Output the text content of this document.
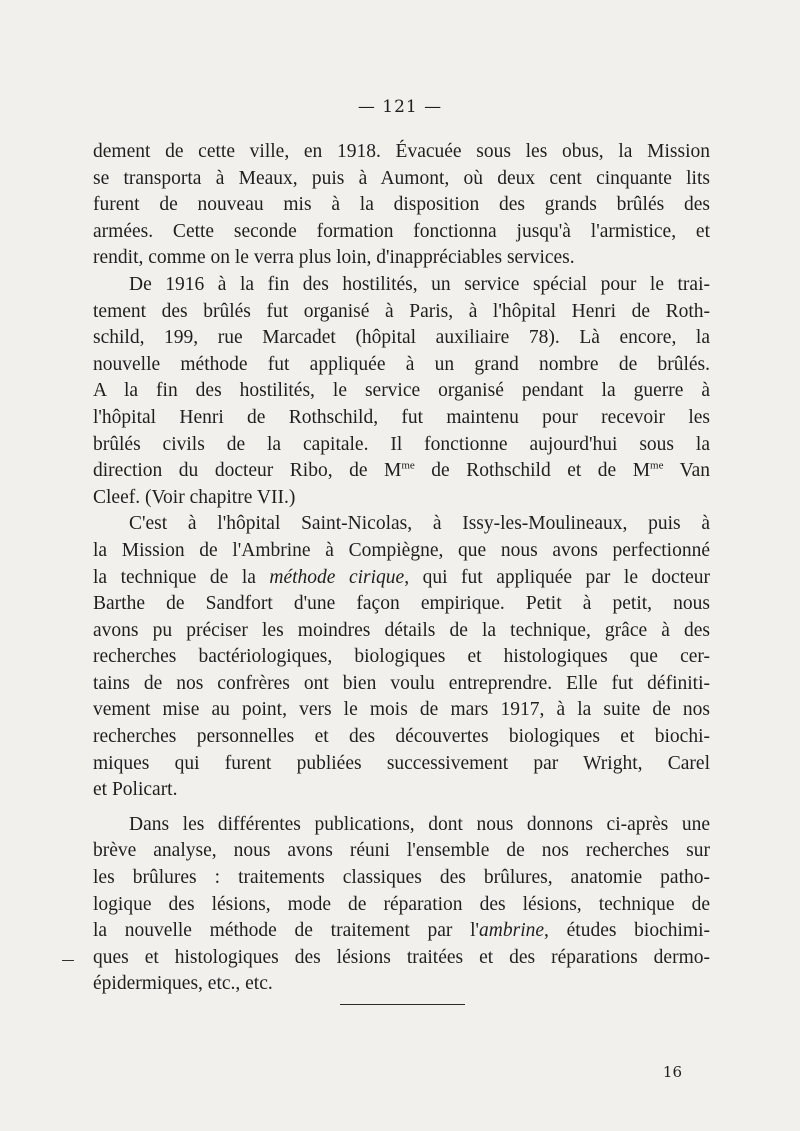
— 121 —

dement de cette ville, en 1918. Évacuée sous les obus, la Mission
se transporta à Meaux, puis à Aumont, où deux cent cinquante lits
furent de nouveau mis à la disposition des grands brûlés des
armées. Cette seconde formation fonctionna jusqu'à l'armistice, et
rendit, comme on le verra plus loin, d'inappréciables services.

De 1916 à la fin des hostilités, un service spécial pour le trai-
tement des brûlés fut organisé à Paris, à l'hôpital Henri de Roth-
schild, 199, rue Marcadet (hôpital auxiliaire 78). Là encore, la
nouvelle méthode fut appliquée à un grand nombre de brûlés.
A la fin des hostilités, le service organisé pendant la guerre à
l'hôpital Henri de Rothschild, fut maintenu pour recevoir les
brûlés civils de la capitale. Il fonctionne aujourd'hui sous la
direction du docteur Ribo, de $M^{me}$ de Rothschild et de $M^{me}$ Van
Cleef. (Voir chapitre VII.)

C'est à l'hôpital Saint-Nicolas, à Issy-les-Moulineaux, puis à
la Mission de l'Ambrine à Compiègne, que nous avons perfectionné
la technique de la méthode cirique, qui fut appliquée par le docteur
Barthe de Sandfort d'une façon empirique. Petit à petit, nous
avons pu préciser les moindres détails de la technique, grâce à des
recherches bactériologiques, biologiques et histologiques que cer-
tains de nos confrères ont bien voulu entreprendre. Elle fut définiti-
vement mise au point, vers le mois de mars 1917, à la suite de nos
recherches personnelles et des découvertes biologiques et biochi-
miques qui furent publiées successivement par Wright, Carel
et Policart.

Dans les différentes publications, dont nous donnons ci-après une
brève analyse, nous avons réuni l'ensemble de nos recherches sur
les brûlures : traitements classiques des brûlures, anatomie patho-
logique des lésions, mode de réparation des lésions, technique de
la nouvelle méthode de traitement par l'ambrine, études biochimi-
ques et histologiques des lésions traitées et des réparations dermo-
épidermiques, etc., etc.

16
